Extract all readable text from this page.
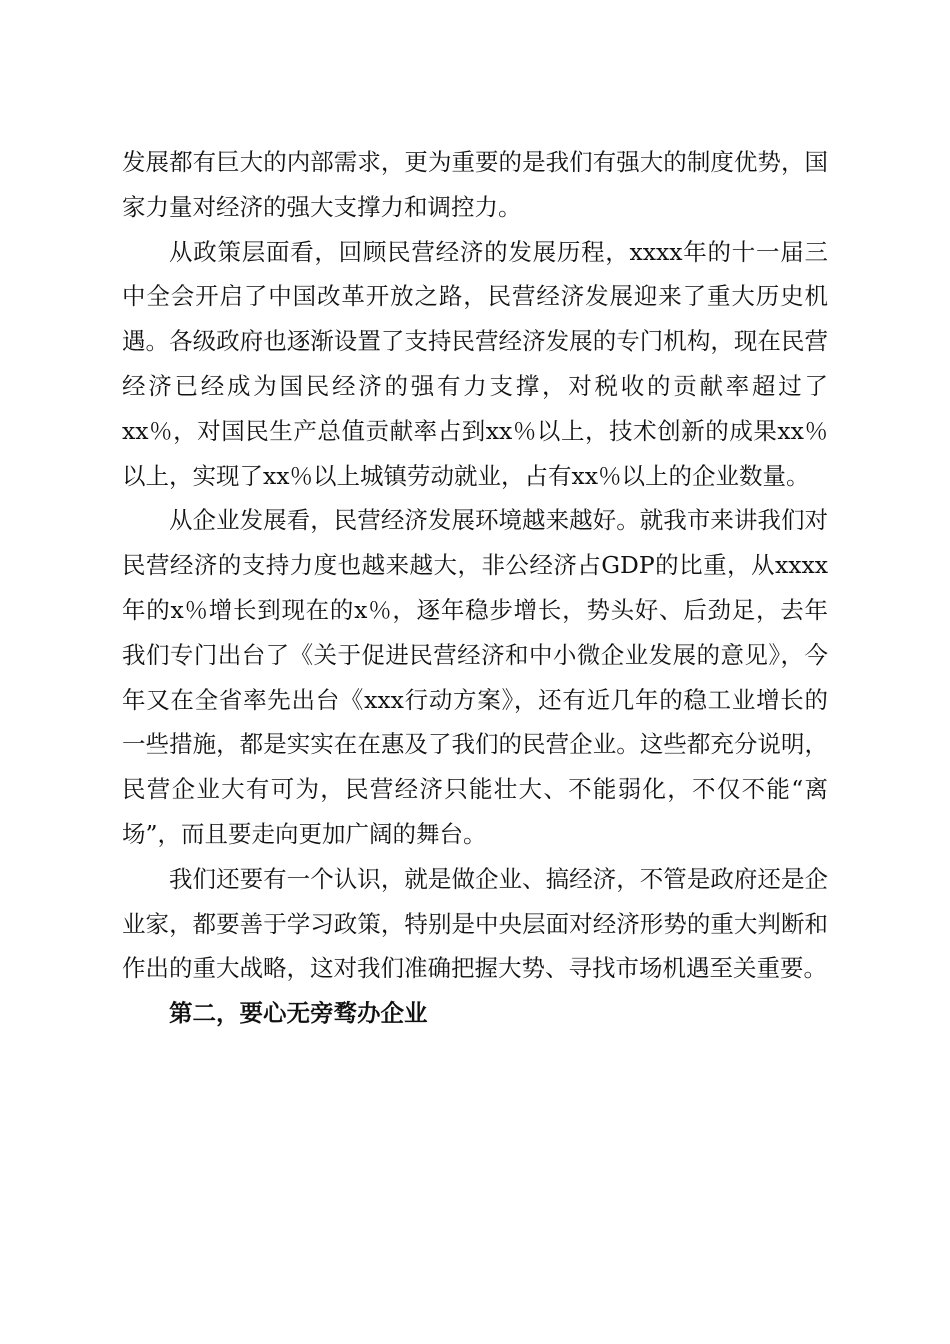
发展都有巨大的内部需求，更为重要的是我们有强大的制度优势，国家力量对经济的强大支撑力和调控力。

从政策层面看，回顾民营经济的发展历程，xxxx年的十一届三中全会开启了中国改革开放之路，民营经济发展迎来了重大历史机遇。各级政府也逐渐设置了支持民营经济发展的专门机构，现在民营经济已经成为国民经济的强有力支撑，对税收的贡献率超过了xx％，对国民生产总值贡献率占到xx％以上，技术创新的成果xx％以上，实现了xx％以上城镇劳动就业，占有xx％以上的企业数量。

从企业发展看，民营经济发展环境越来越好。就我市来讲我们对民营经济的支持力度也越来越大，非公经济占GDP的比重，从xxxx年的x％增长到现在的x％，逐年稳步增长，势头好、后劲足，去年我们专门出台了《关于促进民营经济和中小微企业发展的意见》，今年又在全省率先出台《xxx行动方案》，还有近几年的稳工业增长的一些措施，都是实实在在惠及了我们的民营企业。这些都充分说明，民营企业大有可为，民营经济只能壮大、不能弱化，不仅不能“离场”，而且要走向更加广阔的舞台。

我们还要有一个认识，就是做企业、搞经济，不管是政府还是企业家，都要善于学习政策，特别是中央层面对经济形势的重大判断和作出的重大战略，这对我们准确把握大势、寻找市场机遇至关重要。

第二，要心无旁骛办企业
